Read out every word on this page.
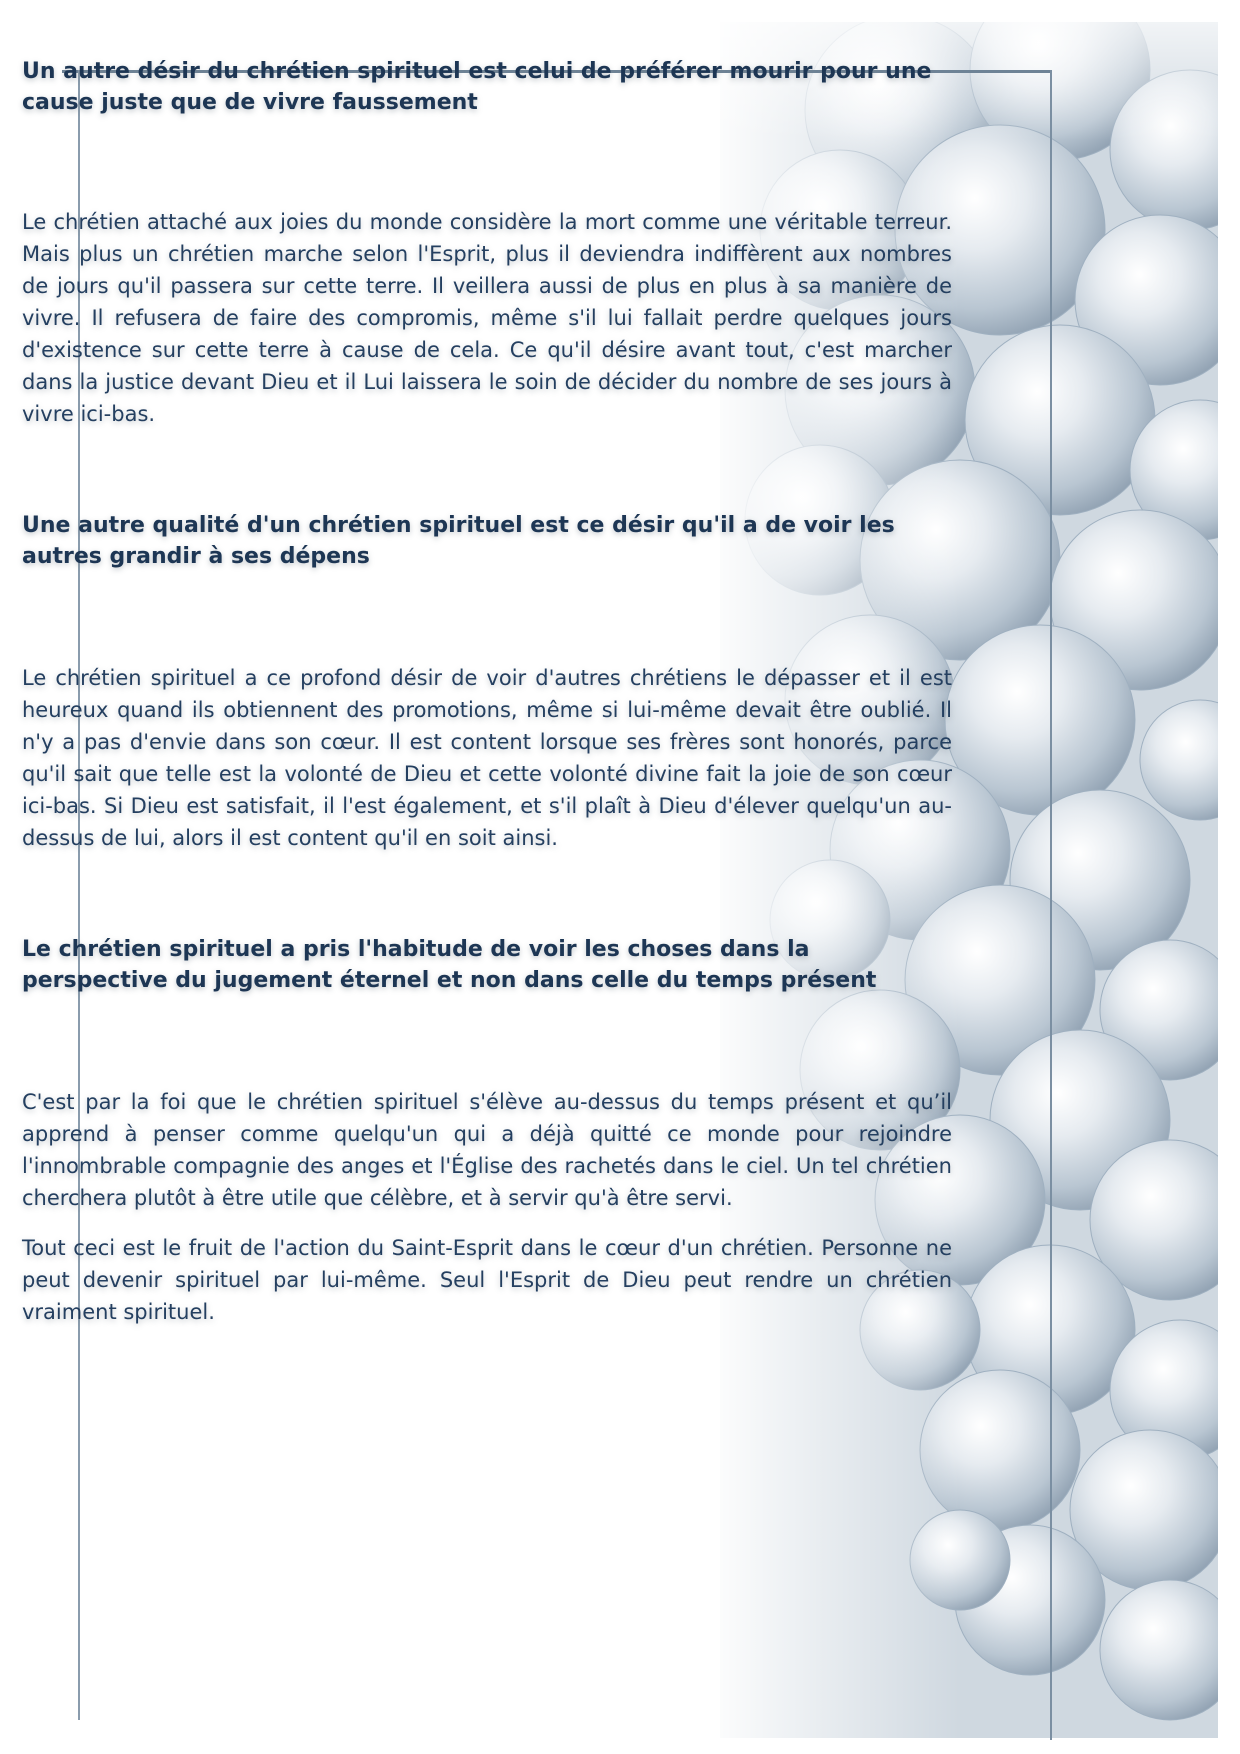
Un autre désir du chrétien spirituel est celui de préférer mourir pour une cause juste que de vivre faussement

Le chrétien attaché aux joies du monde considère la mort comme une véritable terreur. Mais plus un chrétien marche selon l'Esprit, plus il deviendra indiffèrent aux nombres de jours qu'il passera sur cette terre. Il veillera aussi de plus en plus à sa manière de vivre. Il refusera de faire des compromis, même s'il lui fallait perdre quelques jours d'existence sur cette terre à cause de cela. Ce qu'il désire avant tout, c'est marcher dans la justice devant Dieu et il Lui laissera le soin de décider du nombre de ses jours à vivre ici-bas.

Une autre qualité d'un chrétien spirituel est ce désir qu'il a de voir les autres grandir à ses dépens

Le chrétien spirituel a ce profond désir de voir d'autres chrétiens le dépasser et il est heureux quand ils obtiennent des promotions, même si lui-même devait être oublié. Il n'y a pas d'envie dans son cœur. Il est content lorsque ses frères sont honorés, parce qu'il sait que telle est la volonté de Dieu et cette volonté divine fait la joie de son cœur ici-bas. Si Dieu est satisfait, il l'est également, et s'il plaît à Dieu d'élever quelqu'un au-dessus de lui, alors il est content qu'il en soit ainsi.

Le chrétien spirituel a pris l'habitude de voir les choses dans la perspective du jugement éternel et non dans celle du temps présent

C'est par la foi que le chrétien spirituel s'élève au-dessus du temps présent et qu’il apprend à penser comme quelqu'un qui a déjà quitté ce monde pour rejoindre l'innombrable compagnie des anges et l'Église des rachetés dans le ciel. Un tel chrétien cherchera plutôt à être utile que célèbre, et à servir qu'à être servi.

Tout ceci est le fruit de l'action du Saint-Esprit dans le cœur d'un chrétien. Personne ne peut devenir spirituel par lui-même. Seul l'Esprit de Dieu peut rendre un chrétien vraiment spirituel.
